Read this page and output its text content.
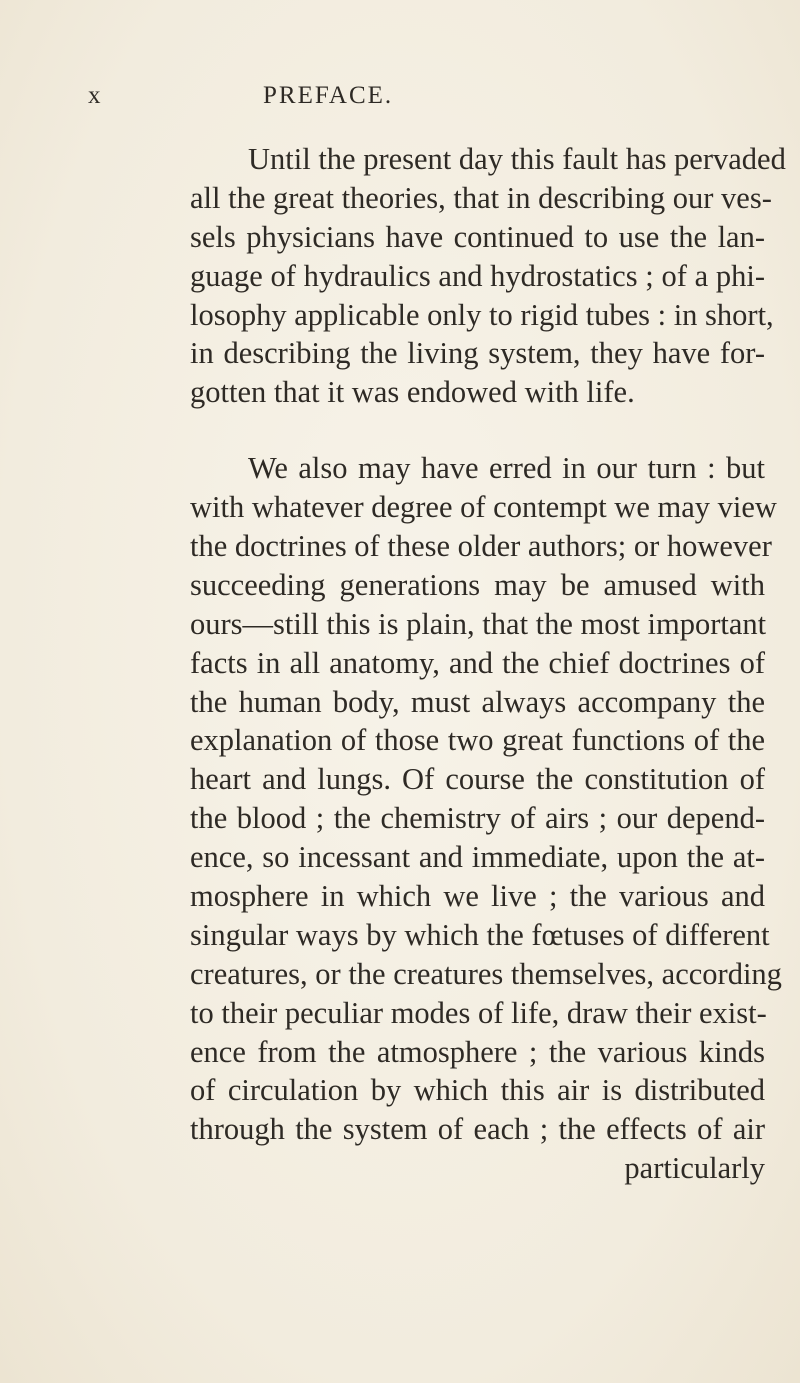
x	PREFACE.
Until the present day this fault has pervaded
all the great theories, that in describing our ves-
sels physicians have continued to use the lan-
guage of hydraulics and hydrostatics ; of a phi-
losophy applicable only to rigid tubes : in short,
in describing the living system, they have for-
gotten that it was endowed with life.
We also may have erred in our turn : but
with whatever degree of contempt we may view
the doctrines of these older authors; or however
succeeding generations may be amused with
ours—still this is plain, that the most important
facts in all anatomy, and the chief doctrines of
the human body, must always accompany the
explanation of those two great functions of the
heart and lungs. Of course the constitution of
the blood ; the chemistry of airs ; our depend-
ence, so incessant and immediate, upon the at-
mosphere in which we live ; the various and
singular ways by which the fœtuses of different
creatures, or the creatures themselves, according
to their peculiar modes of life, draw their exist-
ence from the atmosphere ; the various kinds
of circulation by which this air is distributed
through the system of each ; the effects of air
particularly
